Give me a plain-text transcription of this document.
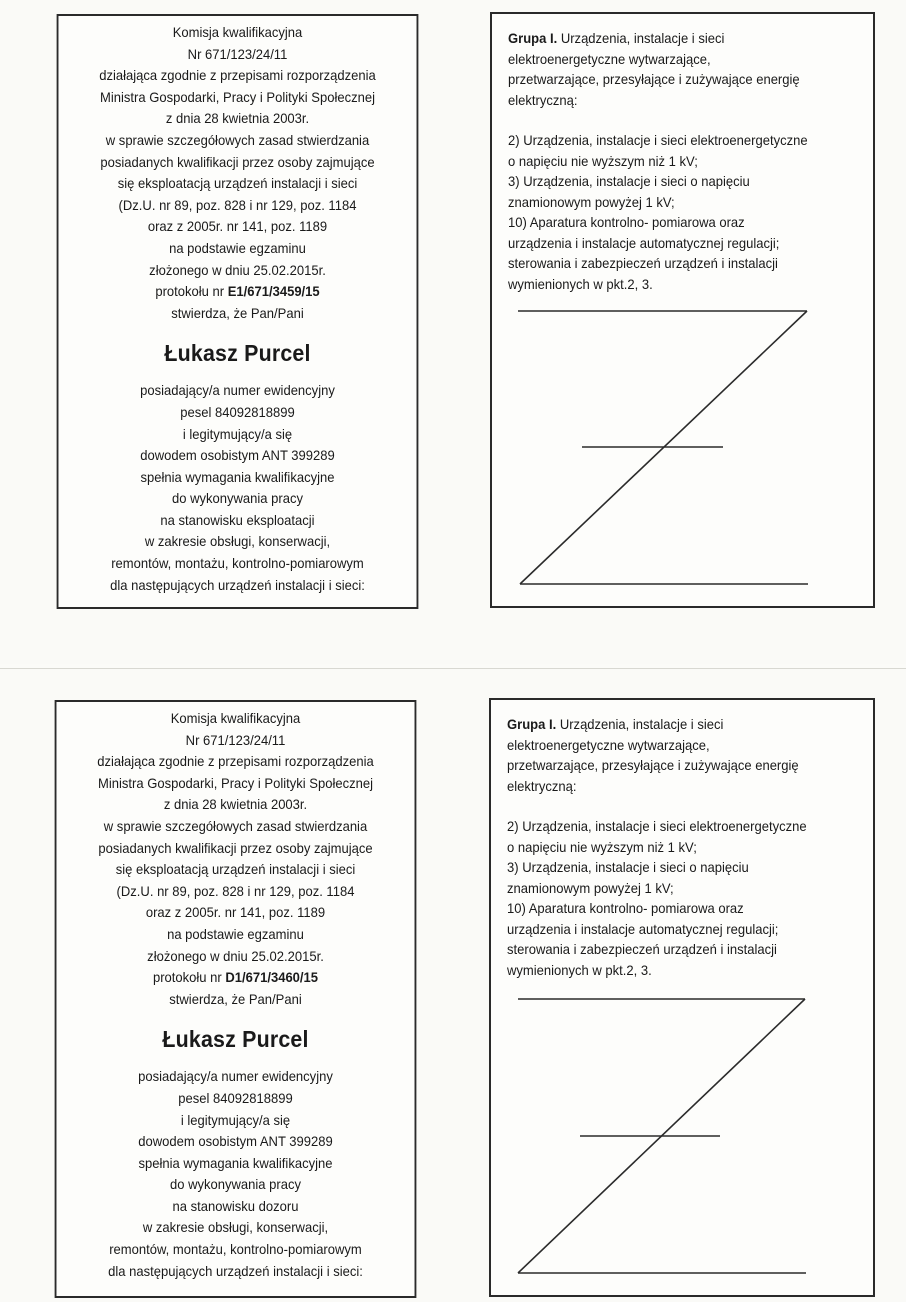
Komisja kwalifikacyjna
Nr 671/123/24/11
działająca zgodnie z przepisami rozporządzenia
Ministra Gospodarki, Pracy i Polityki Społecznej
z dnia 28 kwietnia 2003r.
w sprawie szczegółowych zasad stwierdzania
posiadanych kwalifikacji przez osoby zajmujące
się eksploatacją urządzeń instalacji i sieci
(Dz.U. nr 89, poz. 828 i nr 129, poz. 1184
oraz z 2005r. nr 141, poz. 1189
na podstawie egzaminu
złożonego w dniu 25.02.2015r.
protokołu nr E1/671/3459/15
stwierdza, że Pan/Pani
Łukasz Purcel
posiadający/a numer ewidencyjny
pesel 84092818899
i legitymujący/a się
dowodem osobistym ANT 399289
spełnia wymagania kwalifikacyjne
do wykonywania pracy
na stanowisku eksploatacji
w zakresie obsługi, konserwacji,
remontów, montażu, kontrolno-pomiarowym
dla następujących urządzeń instalacji i sieci:
Grupa I. Urządzenia, instalacje i sieci
elektroenergetyczne wytwarzające,
przetwarzające, przesyłające i zużywające energię
elektryczną:
2) Urządzenia, instalacje i sieci elektroenergetyczne
o napięciu nie wyższym niż 1 kV;
3) Urządzenia, instalacje i sieci o napięciu
znamionowym powyżej 1 kV;
10) Aparatura kontrolno- pomiarowa oraz
urządzenia i instalacje automatycznej regulacji;
sterowania i zabezpieczeń urządzeń i instalacji
wymienionych w pkt.2, 3.
Komisja kwalifikacyjna
Nr 671/123/24/11
działająca zgodnie z przepisami rozporządzenia
Ministra Gospodarki, Pracy i Polityki Społecznej
z dnia 28 kwietnia 2003r.
w sprawie szczegółowych zasad stwierdzania
posiadanych kwalifikacji przez osoby zajmujące
się eksploatacją urządzeń instalacji i sieci
(Dz.U. nr 89, poz. 828 i nr 129, poz. 1184
oraz z 2005r. nr 141, poz. 1189
na podstawie egzaminu
złożonego w dniu 25.02.2015r.
protokołu nr D1/671/3460/15
stwierdza, że Pan/Pani
Łukasz Purcel
posiadający/a numer ewidencyjny
pesel 84092818899
i legitymujący/a się
dowodem osobistym ANT 399289
spełnia wymagania kwalifikacyjne
do wykonywania pracy
na stanowisku dozoru
w zakresie obsługi, konserwacji,
remontów, montażu, kontrolno-pomiarowym
dla następujących urządzeń instalacji i sieci:
Grupa I. Urządzenia, instalacje i sieci
elektroenergetyczne wytwarzające,
przetwarzające, przesyłające i zużywające energię
elektryczną:
2) Urządzenia, instalacje i sieci elektroenergetyczne
o napięciu nie wyższym niż 1 kV;
3) Urządzenia, instalacje i sieci o napięciu
znamionowym powyżej 1 kV;
10) Aparatura kontrolno- pomiarowa oraz
urządzenia i instalacje automatycznej regulacji;
sterowania i zabezpieczeń urządzeń i instalacji
wymienionych w pkt.2, 3.
